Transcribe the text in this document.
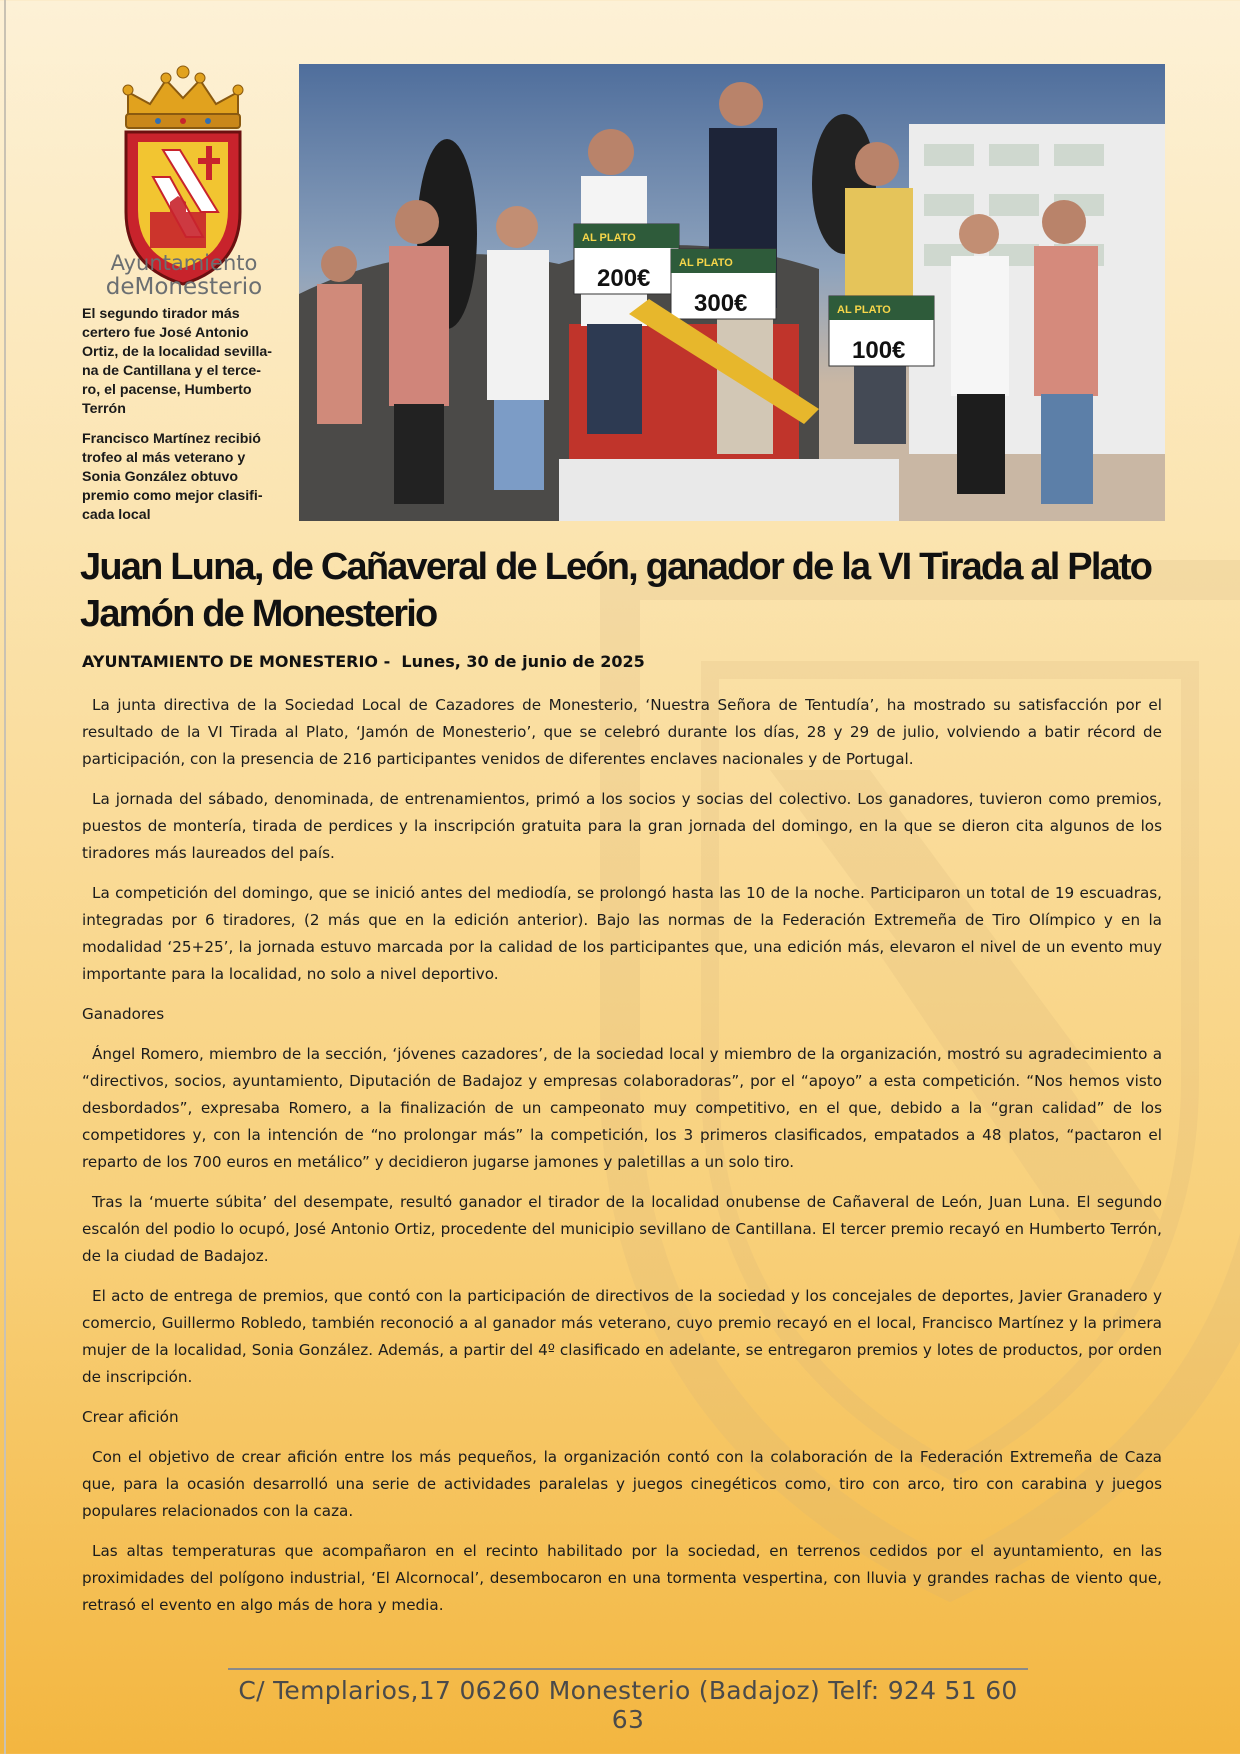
Ayuntamiento
deMonesterio
El segundo tirador más certero fue José Antonio Ortiz, de la localidad sevilla-na de Cantillana y el terce-ro, el pacense, Humberto Terrón
Francisco Martínez recibió trofeo al más veterano y Sonia González obtuvo premio como mejor clasifi-cada local
AL PLATO
200€
AL PLATO
300€	AL PLATO
100€
Juan Luna, de Cañaveral de León, ganador de la VI Tirada al Plato Jamón de Monesterio
AYUNTAMIENTO DE MONESTERIO -  Lunes, 30 de junio de 2025

La junta directiva de la Sociedad Local de Cazadores de Monesterio, ‘Nuestra Señora de Tentudía’, ha mostrado su satisfacción por el resultado de la VI Tirada al Plato, ‘Jamón de Monesterio’, que se celebró durante los días, 28 y 29 de julio, volviendo a batir récord de participación, con la presencia de 216 participantes venidos de diferentes enclaves nacionales y de Portugal.

La jornada del sábado, denominada, de entrenamientos, primó a los socios y socias del colectivo. Los ganadores, tuvieron como premios, puestos de montería, tirada de perdices y la inscripción gratuita para la gran jornada del domingo, en la que se dieron cita algunos de los tiradores más laureados del país.

La competición del domingo, que se inició antes del mediodía, se prolongó hasta las 10 de la noche. Participaron un total de 19 escuadras, integradas por 6 tiradores, (2 más que en la edición anterior). Bajo las normas de la Federación Extremeña de Tiro Olímpico y en la modalidad ‘25+25’, la jornada estuvo marcada por la calidad de los participantes que, una edición más, elevaron el nivel de un evento muy importante para la localidad, no solo a nivel deportivo.

Ganadores

Ángel Romero, miembro de la sección, ‘jóvenes cazadores’, de la sociedad local y miembro de la organización, mostró su agradecimiento a “directivos, socios, ayuntamiento, Diputación de Badajoz y empresas colaboradoras”, por el “apoyo” a esta competición. “Nos hemos visto desbordados”, expresaba Romero, a la finalización de un campeonato muy competitivo, en el que, debido a la “gran calidad” de los competidores y, con la intención de “no prolongar más” la competición, los 3 primeros clasificados, empatados a 48 platos, “pactaron el reparto de los 700 euros en metálico” y decidieron jugarse jamones y paletillas a un solo tiro.

Tras la ‘muerte súbita’ del desempate, resultó ganador el tirador de la localidad onubense de Cañaveral de León, Juan Luna. El segundo escalón del podio lo ocupó, José Antonio Ortiz, procedente del municipio sevillano de Cantillana. El tercer premio recayó en Humberto Terrón, de la ciudad de Badajoz.

El acto de entrega de premios, que contó con la participación de directivos de la sociedad y los concejales de deportes, Javier Granadero y comercio, Guillermo Robledo, también reconoció a al ganador más veterano, cuyo premio recayó en el local, Francisco Martínez y la primera mujer de la localidad, Sonia González. Además, a partir del 4º clasificado en adelante, se entregaron premios y lotes de productos, por orden de inscripción.

Crear afición

Con el objetivo de crear afición entre los más pequeños, la organización contó con la colaboración de la Federación Extremeña de Caza que, para la ocasión desarrolló una serie de actividades paralelas y juegos cinegéticos como, tiro con arco, tiro con carabina y juegos populares relacionados con la caza.

Las altas temperaturas que acompañaron en el recinto habilitado por la sociedad, en terrenos cedidos por el ayuntamiento, en las proximidades del polígono industrial, ‘El Alcornocal’, desembocaron en una tormenta vespertina, con lluvia y grandes rachas de viento que, retrasó el evento en algo más de hora y media.

C/ Templarios,17 06260 Monesterio (Badajoz) Telf: 924 51 60 63
